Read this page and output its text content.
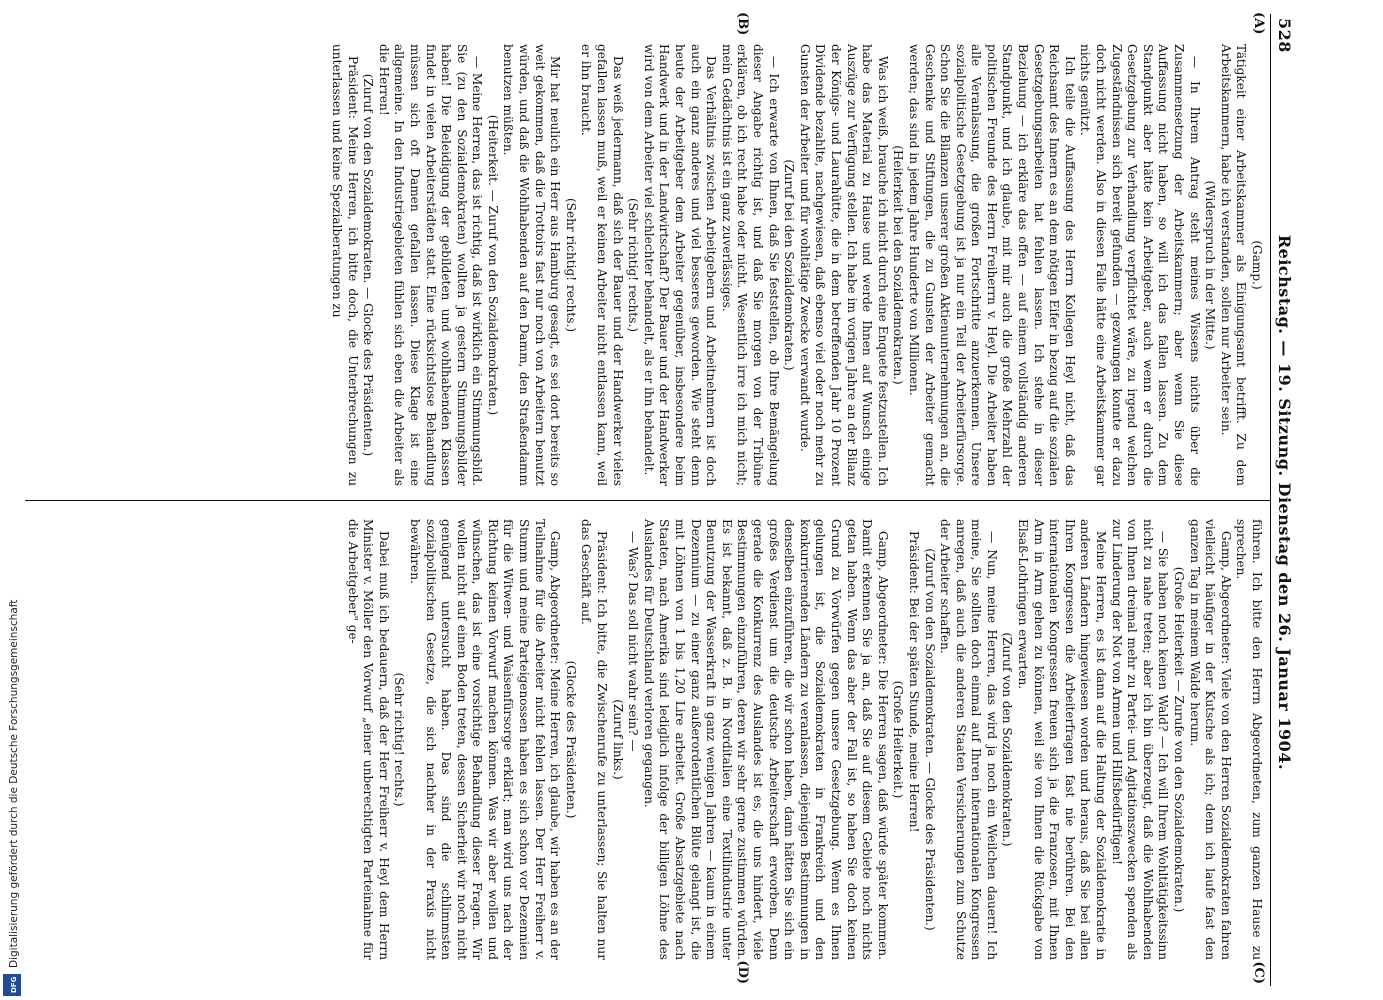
528
Reichstag. — 19. Sitzung. Dienstag den 26. Januar 1904.
(A)
(B)
(C)
(D)

(Gamp.)

Tätigkeit einer Arbeitskammer als Einigungsamt betrifft. Zu dem Arbeitskammern, habe ich verstanden, sollen nur Arbeiter sein.

(Widerspruch in der Mitte.)

— In Ihrem Antrag steht meines Wissens nichts über die Zusammensetzung der Arbeitskammern; aber wenn Sie diese Auffassung nicht haben, so will ich das fallen lassen. Zu dem Standpunkt aber hätte kein Arbeitgeber, auch wenn er durch die Gesetzgebung zur Verhandlung verpflichtet wäre, zu irgend welchen Zugeständnissen sich bereit gefunden — gezwungen konnte er dazu doch nicht werden. Also in diesen Falle hätte eine Arbeitskammer gar nichts genützt.

Ich teile die Auffassung des Herrn Kollegen Heyl nicht, daß das Reichsamt des Innern es an dem nötigen Eifer in bezug auf die sozialen Gesetzgebungsarbeiten hat fehlen lassen. Ich stehe in dieser Beziehung — ich erkläre das offen — auf einem vollständig anderen Standpunkt, und ich glaube, mit mir auch die große Mehrzahl der politischen Freunde des Herrn Freiherrn v. Heyl. Die Arbeiter haben alle Veranlassung, die großen Fortschritte anzuerkennen. Unsere sozialpolitische Gesetzgebung ist ja nur ein Teil der Arbeiterfürsorge. Schon Sie die Bilanzen unserer großen Aktienunternehmungen an, die Geschenke und Stiftungen, die zu Gunsten der Arbeiter gemacht werden; das sind in jedem Jahre Hunderte von Millionen.

(Heiterkeit bei den Sozialdemokraten.)

Was ich weiß, brauche ich nicht durch eine Enquete festzustellen. Ich habe das Material zu Hause und werde Ihnen auf Wunsch einige Auszüge zur Verfügung stellen. Ich habe im vorigen Jahre an der Bilanz der Königs- und Laurahütte, die in dem betreffenden Jahr 10 Prozent Dividende bezahlte, nachgewiesen, daß ebenso viel oder noch mehr zu Gunsten der Arbeiter und für wohltätige Zwecke verwandt wurde.

(Zuruf bei den Sozialdemokraten.)

— Ich erwarte von Ihnen, daß Sie feststellen, ob Ihre Bemängelung dieser Angabe richtig ist, und daß Sie morgen von der Tribüne erklären, ob ich recht habe oder nicht. Wesentlich irre ich mich nicht; mein Gedächtnis ist ein ganz zuverlässiges.

Das Verhältnis zwischen Arbeitgebern und Arbeitnehmern ist doch auch ein ganz anderes und viel besseres geworden. Wie steht denn heute der Arbeitgeber dem Arbeiter gegenüber, insbesondere beim Handwerk und in der Landwirtschaft? Der Bauer und der Handwerker wird von dem Arbeiter viel schlechter behandelt, als er ihn behandelt.

(Sehr richtig! rechts.)

Das weiß jedermann, daß sich der Bauer und der Handwerker vieles gefallen lassen muß, weil er keinen Arbeiter nicht entlassen kann, weil er ihn braucht.

(Sehr richtig! rechts.)

Mir hat neulich ein Herr aus Hamburg gesagt, es sei dort bereits so weit gekommen, daß die Trottoirs fast nur noch von Arbeitern benutzt würden, und daß die Wohlhabenden auf den Damm, den Straßendamm benutzen müßten.

(Heiterkeit. — Zuruf von den Sozialdemokraten.)

— Meine Herren, das ist richtig, daß ist wirklich ein Stimmungsbild. Sie (zu den Sozialdemokraten) wollten ja gestern Stimmungsbilder haben! Die Beleidigung der gebildeten und wohlhabenden Klassen findet in vielen Arbeiterstädten statt. Eine rücksichtslose Behandlung müssen sich oft Damen gefallen lassen. Diese Klage ist eine allgemeine. In den Industriegebieten fühlen sich eben die Arbeiter als die Herren!

(Zuruf von den Sozialdemokraten. — Glocke des Präsidenten.)

Präsident: Meine Herren, ich bitte doch, die Unterbrechungen zu unterlassen und keine Spezialberatungen zu

führen. Ich bitte den Herrn Abgeordneten, zum ganzen Hause zu sprechen.

Gamp, Abgeordneter: Viele von den Herren Sozialdemokraten fahren vielleicht häufiger in der Kutsche als ich; denn ich laufe fast den ganzen Tag in meinem Walde herum.

(Große Heiterkeit — Zurufe von den Sozialdemokraten.)

— Sie haben noch keinen Wald? — Ich will Ihrem Wohltätigkeitssinn nicht zu nahe treten; aber ich bin überzeugt, daß die Wohlhabenden von Ihnen dreimal mehr zu Partei- und Agitationszwecken spenden als zur Linderung der Not von Armen und Hilfsbedürftigen!

Meine Herren, es ist dann auf die Haltung der Sozialdemokratie in anderen Ländern hingewiesen worden und heraus, daß Sie bei allen Ihren Kongressen die Arbeiterfragen fast nie berühren. Bei den internationalen Kongressen freuen sich ja die Franzosen, mit Ihnen Arm in Arm gehen zu können, weil sie von Ihnen die Rückgabe von Elsaß-Lothringen erwarten.

(Zuruf von den Sozialdemokraten.)

— Nun, meine Herren, das wird ja noch ein Weilchen dauern! Ich meine, Sie sollten doch einmal auf Ihren internationalen Kongressen anregen, daß auch die anderen Staaten Versicherungen zum Schutze der Arbeiter schaffen.

(Zuruf von den Sozialdemokraten. — Glocke des Präsidenten.)

Präsident: Bei der späten Stunde, meine Herren!

(Große Heiterkeit.)

Gamp, Abgeordneter: Die Herren sagen, daß würde später kommen. Damit erkennen Sie ja an, daß Sie auf diesem Gebiete noch nichts getan haben. Wenn das aber der Fall ist, so haben Sie doch keinen Grund zu Vorwürfen gegen unsere Gesetzgebung. Wenn es Ihnen gelungen ist, die Sozialdemokraten in Frankreich und den konkurrierenden Ländern zu veranlassen, diejenigen Bestimmungen in denselben einzuführen, die wir schon haben, dann hätten Sie sich ein großes Verdienst um die deutsche Arbeiterschaft erworben. Denn gerade die Konkurrenz des Auslandes ist es, die uns hindert, viele Bestimmungen einzuführen, deren wir sehr gerne zustimmen würden. Es ist bekannt, daß z. B. in Norditalien eine Textilindustrie unter Benutzung der Wasserkraft in ganz wenigen Jahren — kaum in einem Dezennium — zu einer ganz außerordentlichen Blüte gelangt ist, die mit Löhnen von 1 bis 1,20 Lire arbeitet. Große Absatzgebiete nach Staaten, nach Amerika sind lediglich infolge der billigen Löhne des Auslandes für Deutschland verloren gegangen.

— Was? Das soll nicht wahr sein? —

(Zuruf links.)

Präsident: Ich bitte, die Zwischenrufe zu unterlassen; Sie halten nur das Geschäft auf.

(Glocke des Präsidenten.)

Gamp, Abgeordneter: Meine Herren, ich glaube, wir haben es an der Teilnahme für die Arbeiter nicht fehlen lassen. Der Herr Freiherr v. Stumm und meine Parteigenossen haben es sich schon vor Dezennien für die Witwen- und Waisenfürsorge erklärt; man wird uns nach der Richtung keinen Vorwurf machen können. Was wir aber wollen und wünschen, das ist eine vorsichtige Behandlung dieser Fragen. Wir wollen nicht auf einen Boden treten, dessen Sicherheit wir noch nicht genügend untersucht haben. Das sind die schlimmsten sozialpolitischen Gesetze, die sich nachher in der Praxis nicht bewähren.

(Sehr richtig! rechts.)

Dabei muß ich bedauern, daß der Herr Freiherr v. Heyl dem Herrn Minister v. Möller den Vorwurf „einer unberechtigten Parteinahme für die Arbeitgeber" ge-

Digitalisierung gefördert durch die Deutsche Forschungsgemeinschaft
DFG
